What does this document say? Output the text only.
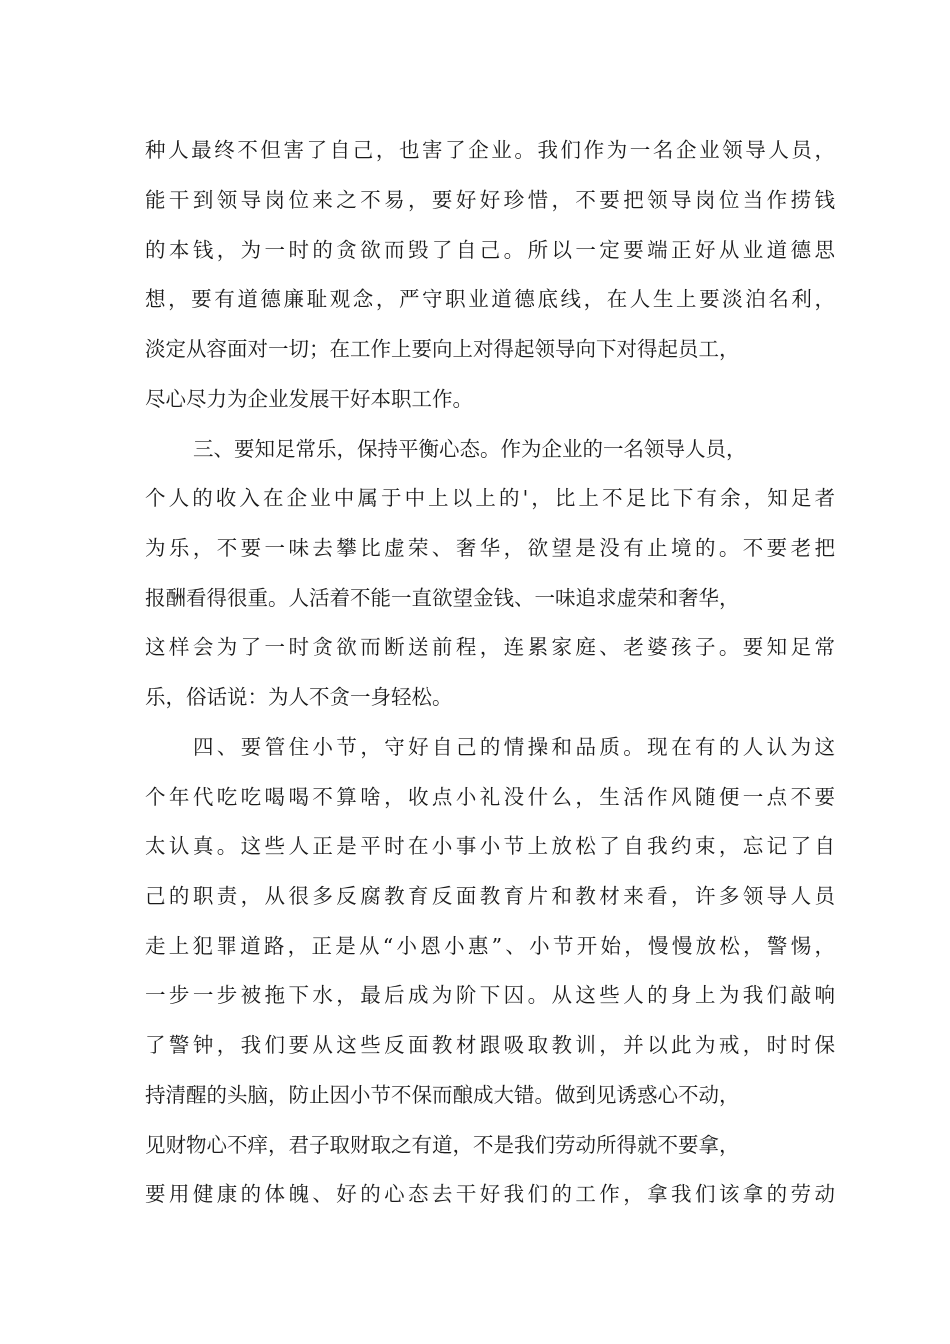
种人最终不但害了自己，也害了企业。我们作为一名企业领导人员，
能干到领导岗位来之不易，要好好珍惜，不要把领导岗位当作捞钱
的本钱，为一时的贪欲而毁了自己。所以一定要端正好从业道德思
想，要有道德廉耻观念，严守职业道德底线，在人生上要淡泊名利，
淡定从容面对一切；在工作上要向上对得起领导向下对得起员工，
尽心尽力为企业发展干好本职工作。
三、要知足常乐，保持平衡心态。作为企业的一名领导人员，
个人的收入在企业中属于中上以上的'，比上不足比下有余，知足者
为乐，不要一味去攀比虚荣、奢华，欲望是没有止境的。不要老把
报酬看得很重。人活着不能一直欲望金钱、一味追求虚荣和奢华，
这样会为了一时贪欲而断送前程，连累家庭、老婆孩子。要知足常
乐，俗话说：为人不贪一身轻松。
四、要管住小节，守好自己的情操和品质。现在有的人认为这
个年代吃吃喝喝不算啥，收点小礼没什么，生活作风随便一点不要
太认真。这些人正是平时在小事小节上放松了自我约束，忘记了自
己的职责，从很多反腐教育反面教育片和教材来看，许多领导人员
走上犯罪道路，正是从“小恩小惠”、小节开始，慢慢放松，警惕，
一步一步被拖下水，最后成为阶下囚。从这些人的身上为我们敲响
了警钟，我们要从这些反面教材跟吸取教训，并以此为戒，时时保
持清醒的头脑，防止因小节不保而酿成大错。做到见诱惑心不动，
见财物心不痒，君子取财取之有道，不是我们劳动所得就不要拿，
要用健康的体魄、好的心态去干好我们的工作，拿我们该拿的劳动
